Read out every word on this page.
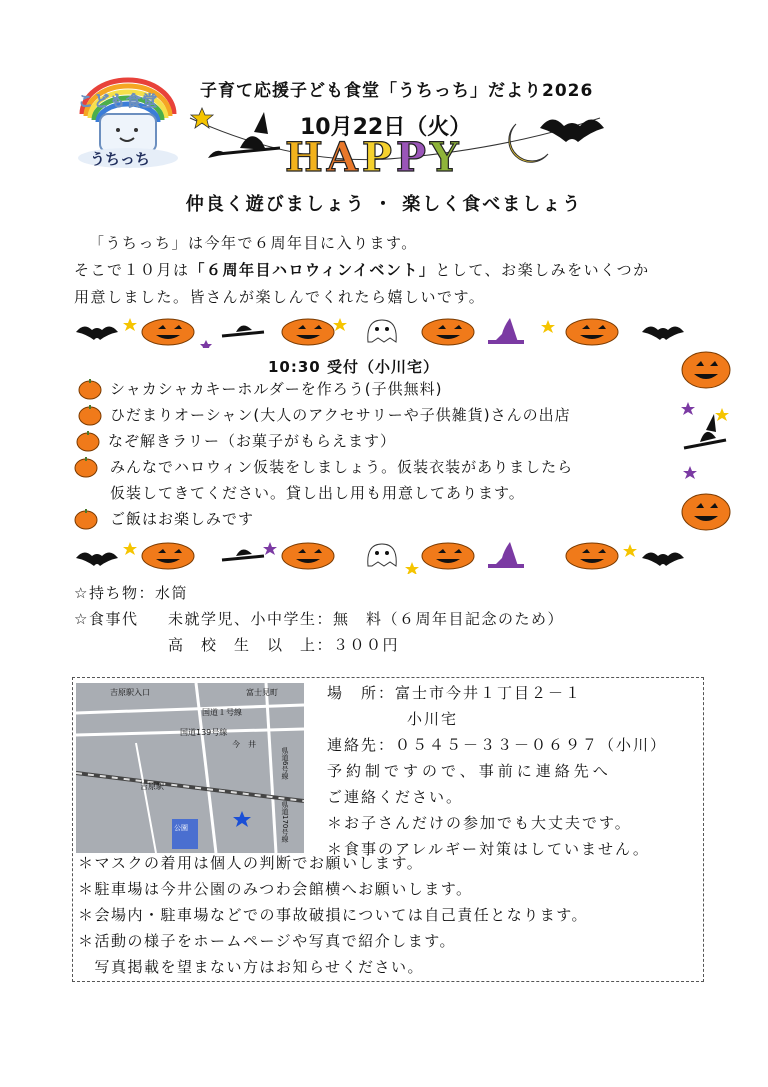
こども食堂
うちっち
子育て応援子ども食堂「うちっち」だより2026
10月22日（火）
HAPPY
仲良く遊びましょう ・ 楽しく食べましょう

「うちっち」は今年で６周年目に入ります。

そこで１０月は「６周年目ハロウィンイベント」として、お楽しみをいくつか

用意しました。皆さんが楽しんでくれたら嬉しいです。

10:30 受付（小川宅）
シャカシャカキーホルダーを作ろう(子供無料)
ひだまりオーシャン(大人のアクセサリーや子供雑貨)さんの出店
なぞ解きラリー（お菓子がもらえます）
みんなでハロウィン仮装をしましょう。仮装衣装がありましたら
仮装してきてください。貸し出し用も用意してあります。
ご飯はお楽しみです
☆持ち物：水筒
☆食事代 未就学児、小中学生：無　料（６周年目記念のため）
高　校　生　以　上：３００円
吉原駅入口	富士見町
国道１号線
国道139号線
今　井
県道6号線
吉原駅
県道170号線
公園
場　所：富士市今井１丁目２－１
小川宅
連絡先：０５４５－３３－０６９７（小川）
予約制ですので、事前に連絡先へ
ご連絡ください。
＊お子さんだけの参加でも大丈夫です。
＊食事のアレルギー対策はしていません。
＊マスクの着用は個人の判断でお願いします。
＊駐車場は今井公園のみつわ会館横へお願いします。
＊会場内・駐車場などでの事故破損については自己責任となります。
＊活動の様子をホームページや写真で紹介します。
　写真掲載を望まない方はお知らせください。
